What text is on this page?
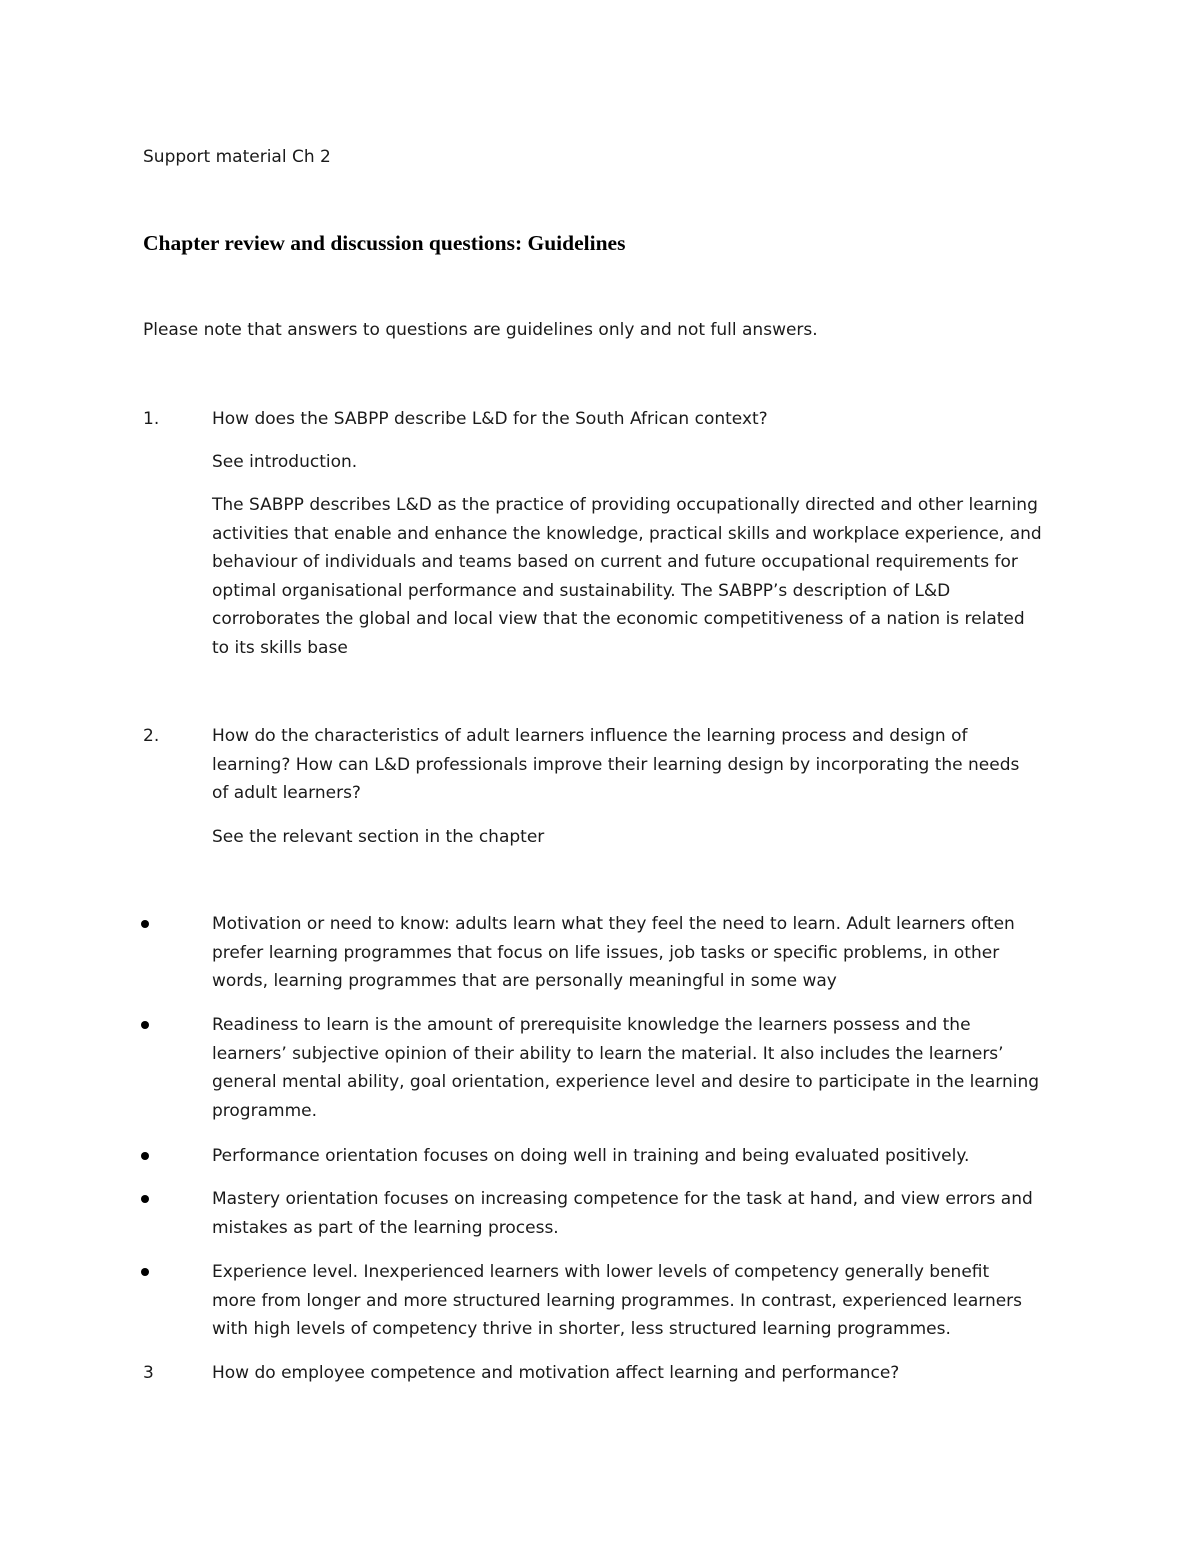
Support material Ch 2
Chapter review and discussion questions: Guidelines
Please note that answers to questions are guidelines only and not full answers.
1.	How does the SABPP describe L&D for the South African context?
See introduction.
The SABPP describes L&D as the practice of providing occupationally directed and other learning
activities that enable and enhance the knowledge, practical skills and workplace experience, and
behaviour of individuals and teams based on current and future occupational requirements for
optimal organisational performance and sustainability. The SABPP’s description of L&D
corroborates the global and local view that the economic competitiveness of a nation is related
to its skills base
2.	How do the characteristics of adult learners influence the learning process and design of
learning? How can L&D professionals improve their learning design by incorporating the needs
of adult learners?
See the relevant section in the chapter
Motivation or need to know: adults learn what they feel the need to learn. Adult learners often
prefer learning programmes that focus on life issues, job tasks or specific problems, in other
words, learning programmes that are personally meaningful in some way
Readiness to learn is the amount of prerequisite knowledge the learners possess and the
learners’ subjective opinion of their ability to learn the material. It also includes the learners’
general mental ability, goal orientation, experience level and desire to participate in the learning
programme.
Performance orientation focuses on doing well in training and being evaluated positively.
Mastery orientation focuses on increasing competence for the task at hand, and view errors and
mistakes as part of the learning process.
Experience level. Inexperienced learners with lower levels of competency generally benefit
more from longer and more structured learning programmes. In contrast, experienced learners
with high levels of competency thrive in shorter, less structured learning programmes.
3	How do employee competence and motivation affect learning and performance?
